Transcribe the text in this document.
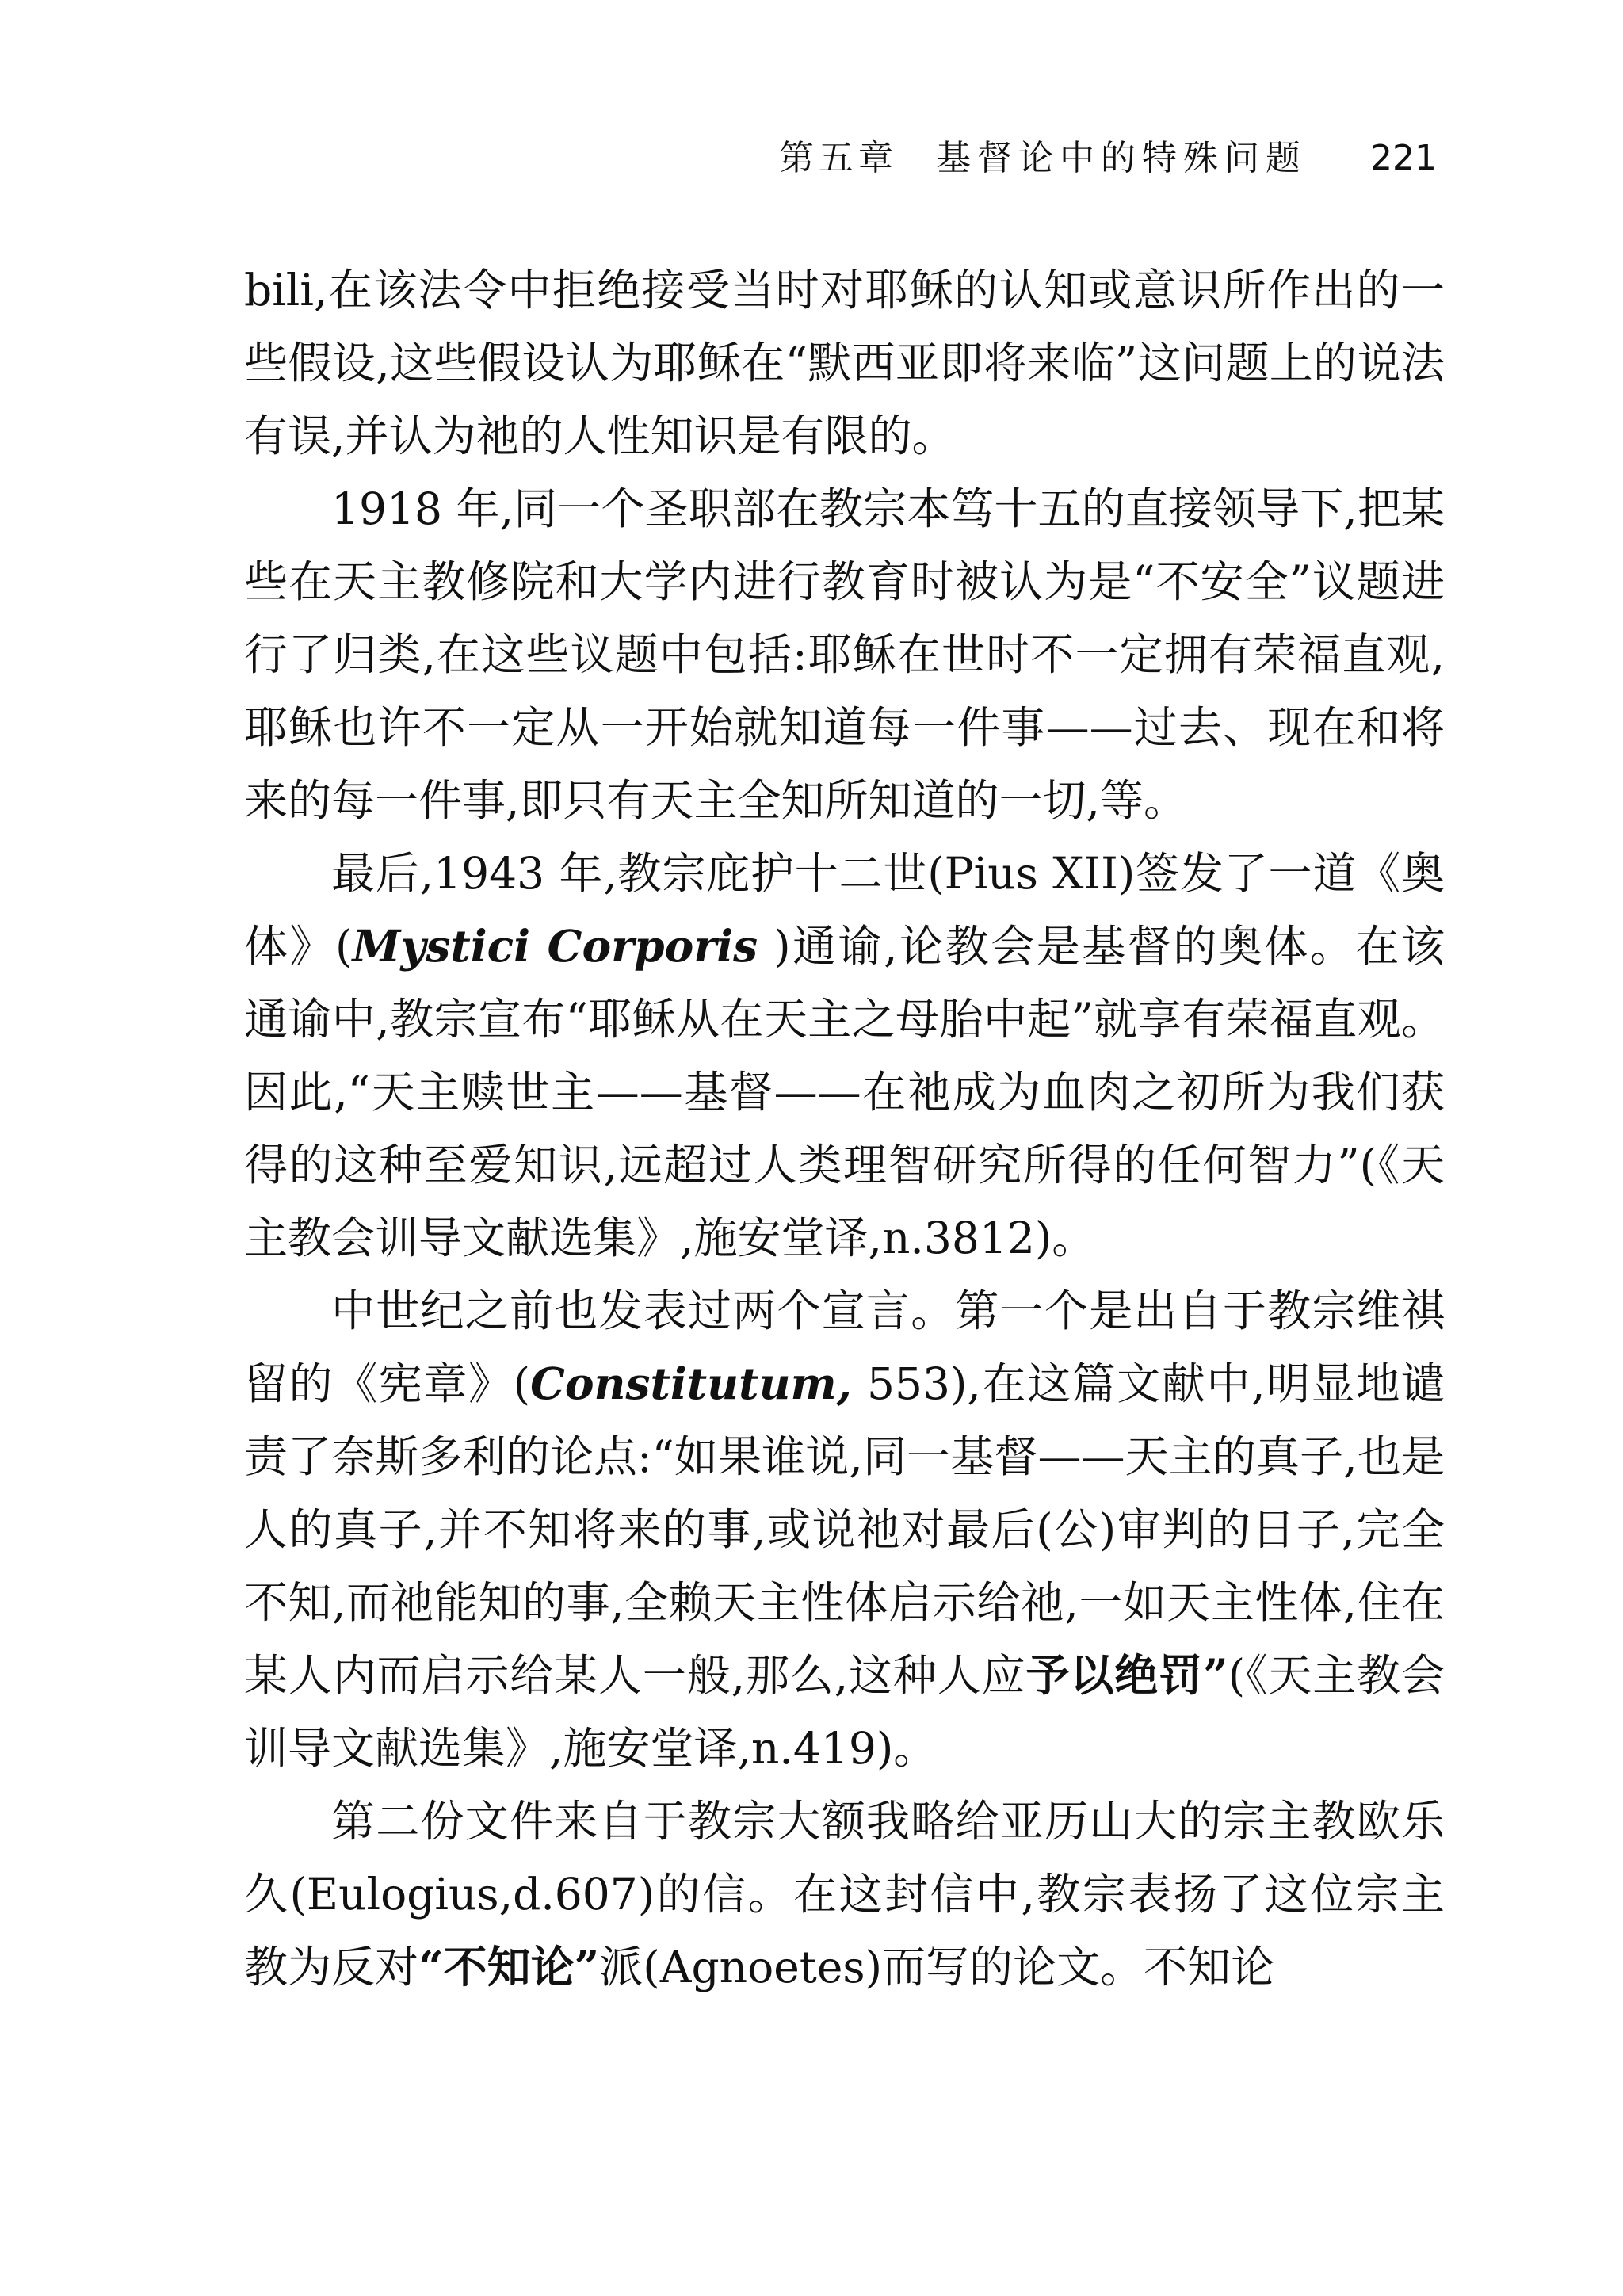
第五章 基督论中的特殊问题 221

bili,在该法令中拒绝接受当时对耶稣的认知或意识所作出的一些假设,这些假设认为耶稣在“默西亚即将来临”这问题上的说法有误,并认为祂的人性知识是有限的。

1918 年,同一个圣职部在教宗本笃十五的直接领导下,把某些在天主教修院和大学内进行教育时被认为是“不安全”议题进行了归类,在这些议题中包括:耶稣在世时不一定拥有荣福直观,耶稣也许不一定从一开始就知道每一件事——过去、现在和将来的每一件事,即只有天主全知所知道的一切,等。

最后,1943 年,教宗庇护十二世(Pius XII)签发了一道《奥体》(Mystici Corporis )通谕,论教会是基督的奥体。在该通谕中,教宗宣布“耶稣从在天主之母胎中起”就享有荣福直观。因此,“天主赎世主——基督——在祂成为血肉之初所为我们获得的这种至爱知识,远超过人类理智研究所得的任何智力”(《天主教会训导文献选集》,施安堂译,n.3812)。

中世纪之前也发表过两个宣言。第一个是出自于教宗维祺留的《宪章》(Constitutum, 553),在这篇文献中,明显地谴责了奈斯多利的论点:“如果谁说,同一基督——天主的真子,也是人的真子,并不知将来的事,或说祂对最后(公)审判的日子,完全不知,而祂能知的事,全赖天主性体启示给祂,一如天主性体,住在某人内而启示给某人一般,那么,这种人应予以绝罚”(《天主教会训导文献选集》,施安堂译,n.419)。

第二份文件来自于教宗大额我略给亚历山大的宗主教欧乐久(Eulogius,d.607)的信。在这封信中,教宗表扬了这位宗主教为反对“不知论”派(Agnoetes)而写的论文。不知论
